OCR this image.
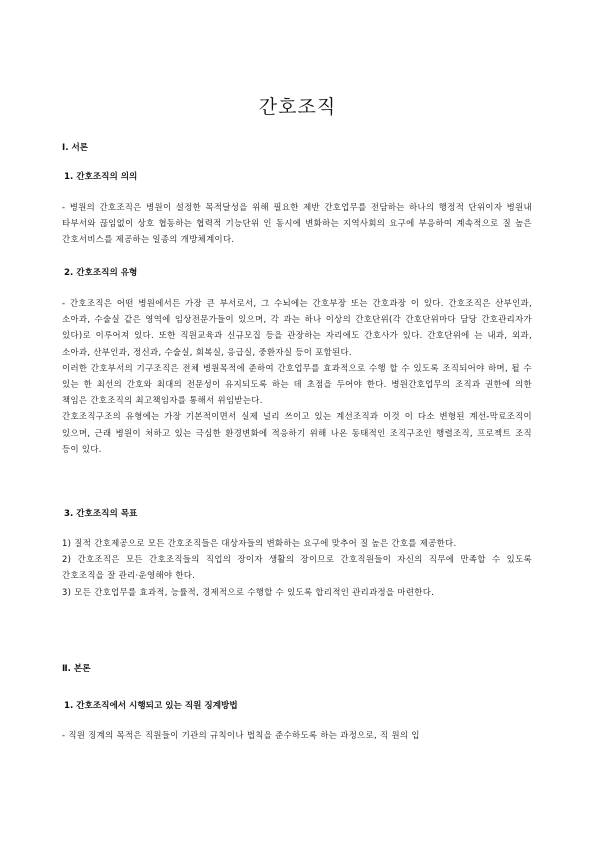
간호조직
Ⅰ. 서론
1. 간호조직의 의의

- 병원의 간호조직은 병원이 설정한 목적달성을 위해 필요한 제반 간호업무를 전담하는 하나의 행정적 단위이자 병원내 타부서와 끊임없이 상호 협동하는 협력적 기능단위 인 동시에 변화하는 지역사회의 요구에 부응하여 계속적으로 질 높은 간호서비스를 제공하는 일종의 개방체계이다.

2. 간호조직의 유형

- 간호조직은 어떤 병원에서든 가장 큰 부서로서, 그 수뇌에는 간호부장 또는 간호과장 이 있다. 간호조직은 산부인과, 소아과, 수술실 같은 영역에 임상전문가들이 있으며, 각 과는 하나 이상의 간호단위(각 간호단위마다 담당 간호관리자가 있다)로 이루어져 있다. 또한 직원교육과 신규모집 등을 관장하는 자리에도 간호사가 있다. 간호단위에 는 내과, 외과, 소아과, 산부인과, 정신과, 수술실, 회복실, 응급실, 중환자실 등이 포함된다.

이러한 간호부서의 기구조직은 전체 병원목적에 준하여 간호업무를 효과적으로 수행 할 수 있도록 조직되어야 하며, 될 수 있는 한 최선의 간호와 최대의 전문성이 유지되도록 하는 데 초점을 두어야 한다. 병원간호업무의 조직과 권한에 의한 책임은 간호조직의 최고책임자를 통해서 위임받는다.

간호조직구조의 유형에는 가장 기본적이면서 실제 널리 쓰이고 있는 계선조직과 이것 이 다소 변형된 계선-막료조직이 있으며, 근래 병원이 처하고 있는 극심한 환경변화에 적응하기 위해 나온 동태적인 조직구조인 행렬조직, 프로젝트 조직 등이 있다.

3. 간호조직의 목표

1) 질적 간호제공으로 모든 간호조직들은 대상자들의 변화하는 요구에 맞추어 질 높은 간호를 제공한다.

2) 간호조직은 모든 간호조직들의 직업의 장이자 생활의 장이므로 간호직원들이 자신의 직무에 만족할 수 있도록 간호조직을 잘 관리·운영해야 한다.

3) 모든 간호업무를 효과적, 능률적, 경제적으로 수행할 수 있도록 합리적인 관리과정을 마련한다.

Ⅱ. 본론
1. 간호조직에서 시행되고 있는 직원 징계방법

- 직원 징계의 목적은 직원들이 기관의 규칙이나 법칙을 준수하도록 하는 과정으로, 직 원의 입
